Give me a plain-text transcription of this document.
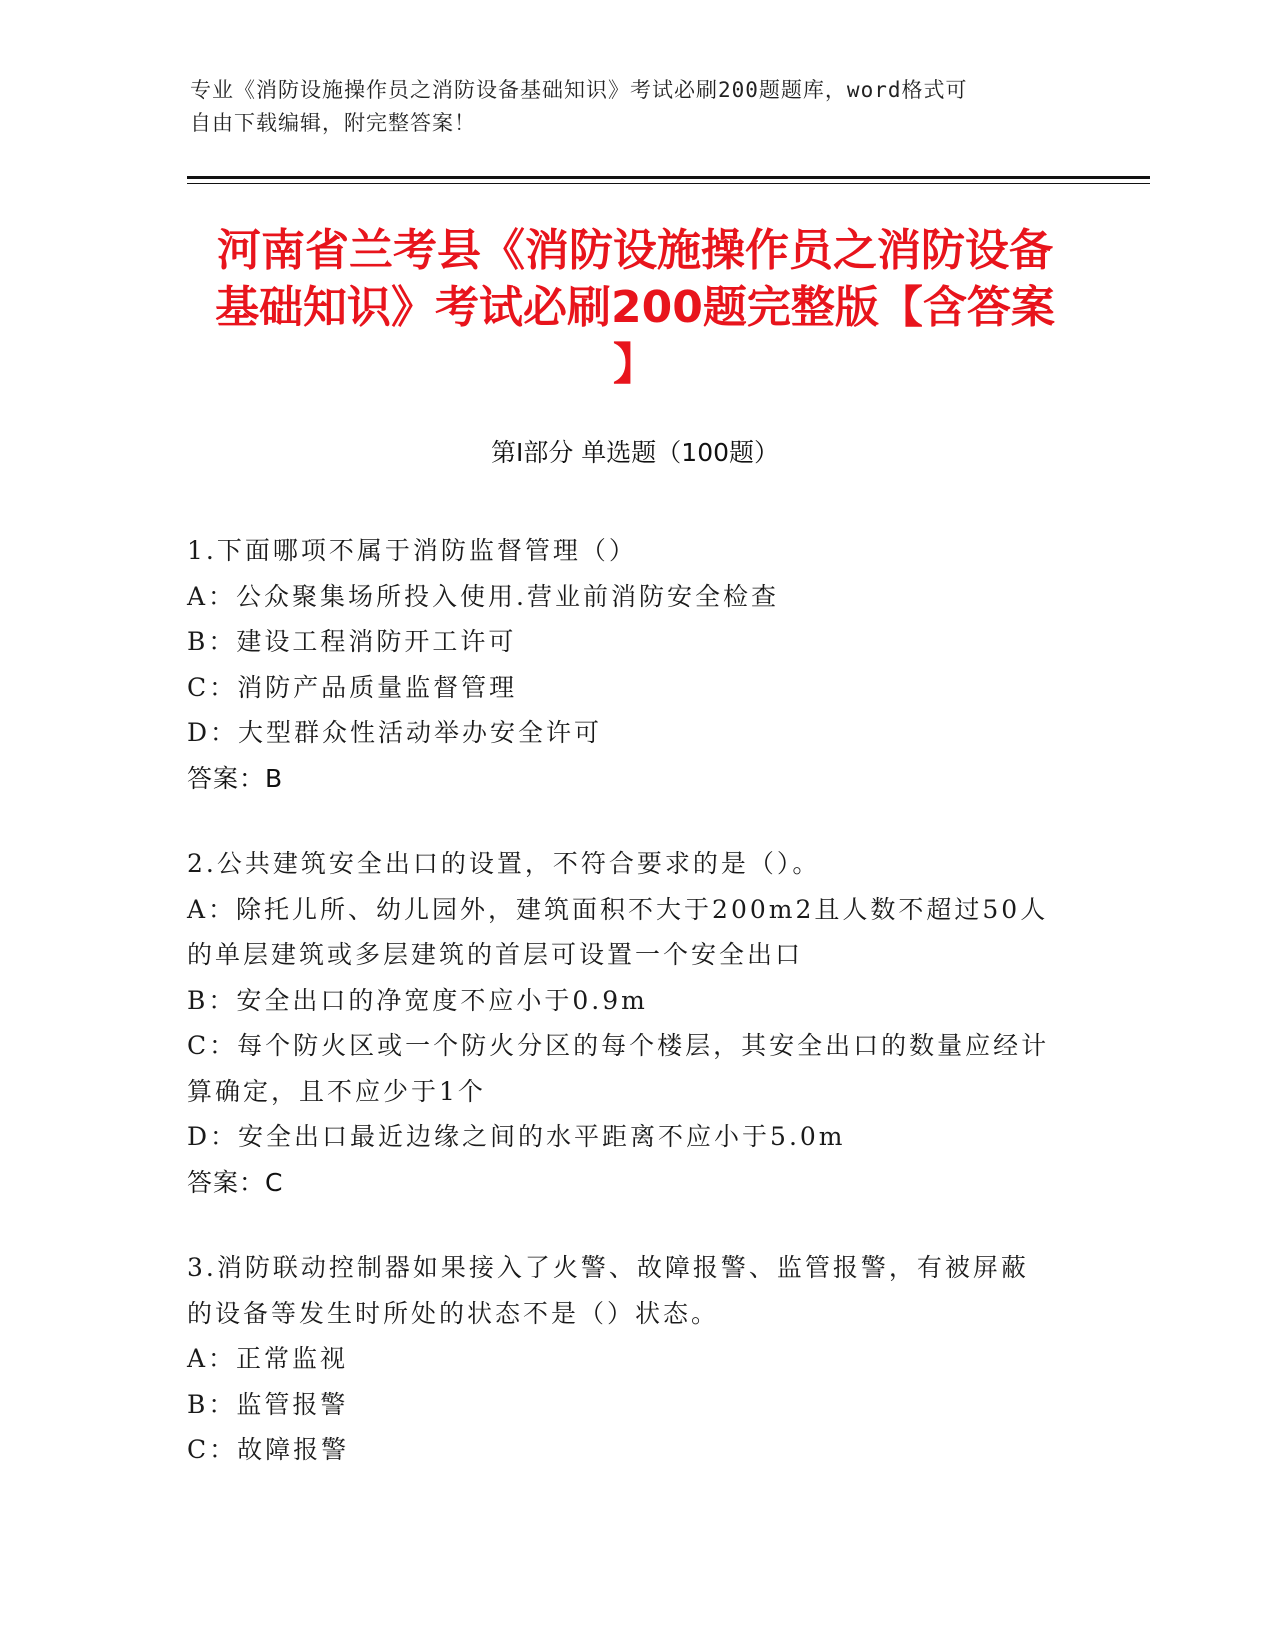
专业《消防设施操作员之消防设备基础知识》考试必刷200题题库，word格式可
自由下载编辑，附完整答案！
河南省兰考县《消防设施操作员之消防设备
基础知识》考试必刷200题完整版【含答案
】
第Ⅰ部分 单选题（100题）
1.下面哪项不属于消防监督管理（）
A：公众聚集场所投入使用.营业前消防安全检查
B：建设工程消防开工许可
C：消防产品质量监督管理
D：大型群众性活动举办安全许可
答案：B
2.公共建筑安全出口的设置，不符合要求的是（）。
A：除托儿所、幼儿园外，建筑面积不大于200m2且人数不超过50人
的单层建筑或多层建筑的首层可设置一个安全出口
B：安全出口的净宽度不应小于0.9m
C：每个防火区或一个防火分区的每个楼层，其安全出口的数量应经计
算确定，且不应少于1个
D：安全出口最近边缘之间的水平距离不应小于5.0m
答案：C
3.消防联动控制器如果接入了火警、故障报警、监管报警，有被屏蔽
的设备等发生时所处的状态不是（）状态。
A：正常监视
B：监管报警
C：故障报警
